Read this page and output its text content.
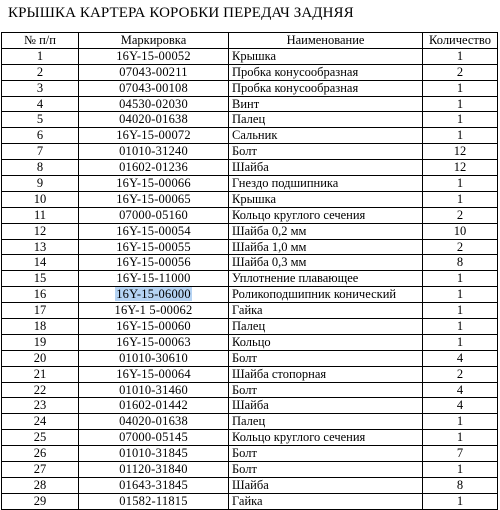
КРЫШКА КАРТЕРА КОРОБКИ ПЕРЕДАЧ ЗАДНЯЯ
№ п/п	Маркировка	Наименование	Количество
1	16Y-15-00052	Крышка	1
2	07043-00211	Пробка конусообразная	2
3	07043-00108	Пробка конусообразная	1
4	04530-02030	Винт	1
5	04020-01638	Палец	1
6	16Y-15-00072	Сальник	1
7	01010-31240	Болт	12
8	01602-01236	Шайба	12
9	16Y-15-00066	Гнездо подшипника	1
10	16Y-15-00065	Крышка	1
11	07000-05160	Кольцо круглого сечения	2
12	16Y-15-00054	Шайба 0,2 мм	10
13	16Y-15-00055	Шайба 1,0 мм	2
14	16Y-15-00056	Шайба 0,3 мм	8
15	16Y-15-11000	Уплотнение плавающее	1
16	16Y-15-06000	Роликоподшипник конический	1
17	16Y-1 5-00062	Гайка	1
18	16Y-15-00060	Палец	1
19	16Y-15-00063	Кольцо	1
20	01010-30610	Болт	4
21	16Y-15-00064	Шайба стопорная	2
22	01010-31460	Болт	4
23	01602-01442	Шайба	4
24	04020-01638	Палец	1
25	07000-05145	Кольцо круглого сечения	1
26	01010-31845	Болт	7
27	01120-31840	Болт	1
28	01643-31845	Шайба	8
29	01582-11815	Гайка	1
